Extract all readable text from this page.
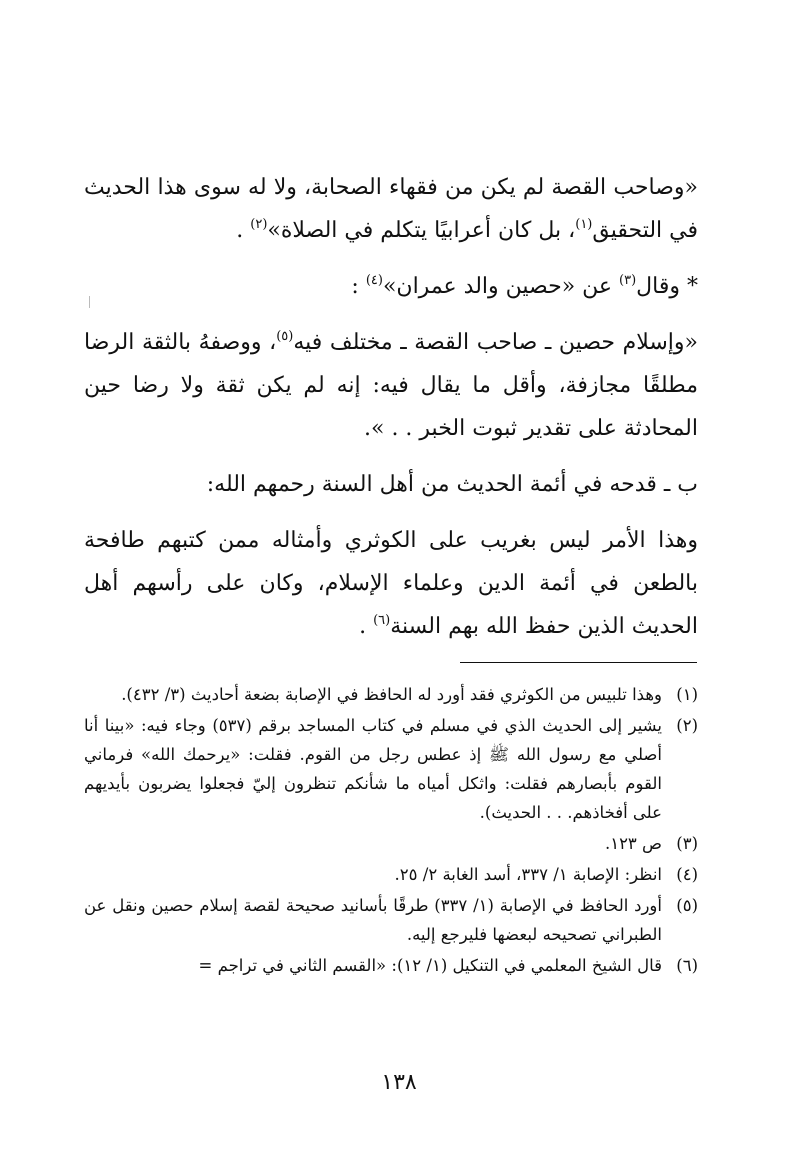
«وصاحب القصة لم يكن من فقهاء الصحابة، ولا له سوى هذا الحديث في التحقيق$^{(١)}$، بل كان أعرابيًا يتكلم في الصلاة»$^{(٢)}$ .

* وقال$^{(٣)}$ عن «حصين والد عمران»$^{(٤)}$ :

«وإسلام حصين ـ صاحب القصة ـ مختلف فيه$^{(٥)}$، ووصفهُ بالثقة الرضا مطلقًا مجازفة، وأقل ما يقال فيه: إنه لم يكن ثقة ولا رضا حين المحادثة على تقدير ثبوت الخبر . . ».

ب ـ قدحه في أئمة الحديث من أهل السنة رحمهم الله:

وهذا الأمر ليس بغريب على الكوثري وأمثاله ممن كتبهم طافحة بالطعن في أئمة الدين وعلماء الإسلام، وكان على رأسهم أهل الحديث الذين حفظ الله بهم السنة$^{(٦)}$ .

(١)
وهذا تلبيس من الكوثري فقد أورد له الحافظ في الإصابة بضعة أحاديث (٣/ ٤٣٢).
(٢)
يشير إلى الحديث الذي في مسلم في كتاب المساجد برقم (٥٣٧) وجاء فيه: «بينا أنا أصلي مع رسول الله ﷺ إذ عطس رجل من القوم. فقلت: «يرحمك الله» فرماني القوم بأبصارهم فقلت: واثكل أمياه ما شأنكم تنظرون إليّ فجعلوا يضربون بأيديهم على أفخاذهم. . . الحديث).
(٣)
ص ١٢٣.
(٤)
انظر: الإصابة ١/ ٣٣٧، أسد الغابة ٢/ ٢٥.
(٥)
أورد الحافظ في الإصابة (١/ ٣٣٧) طرقًا بأسانيد صحيحة لقصة إسلام حصين ونقل عن الطبراني تصحيحه لبعضها فليرجع إليه.
(٦)
قال الشيخ المعلمي في التنكيل (١/ ١٢): «القسم الثاني في تراجم =
١٣٨
